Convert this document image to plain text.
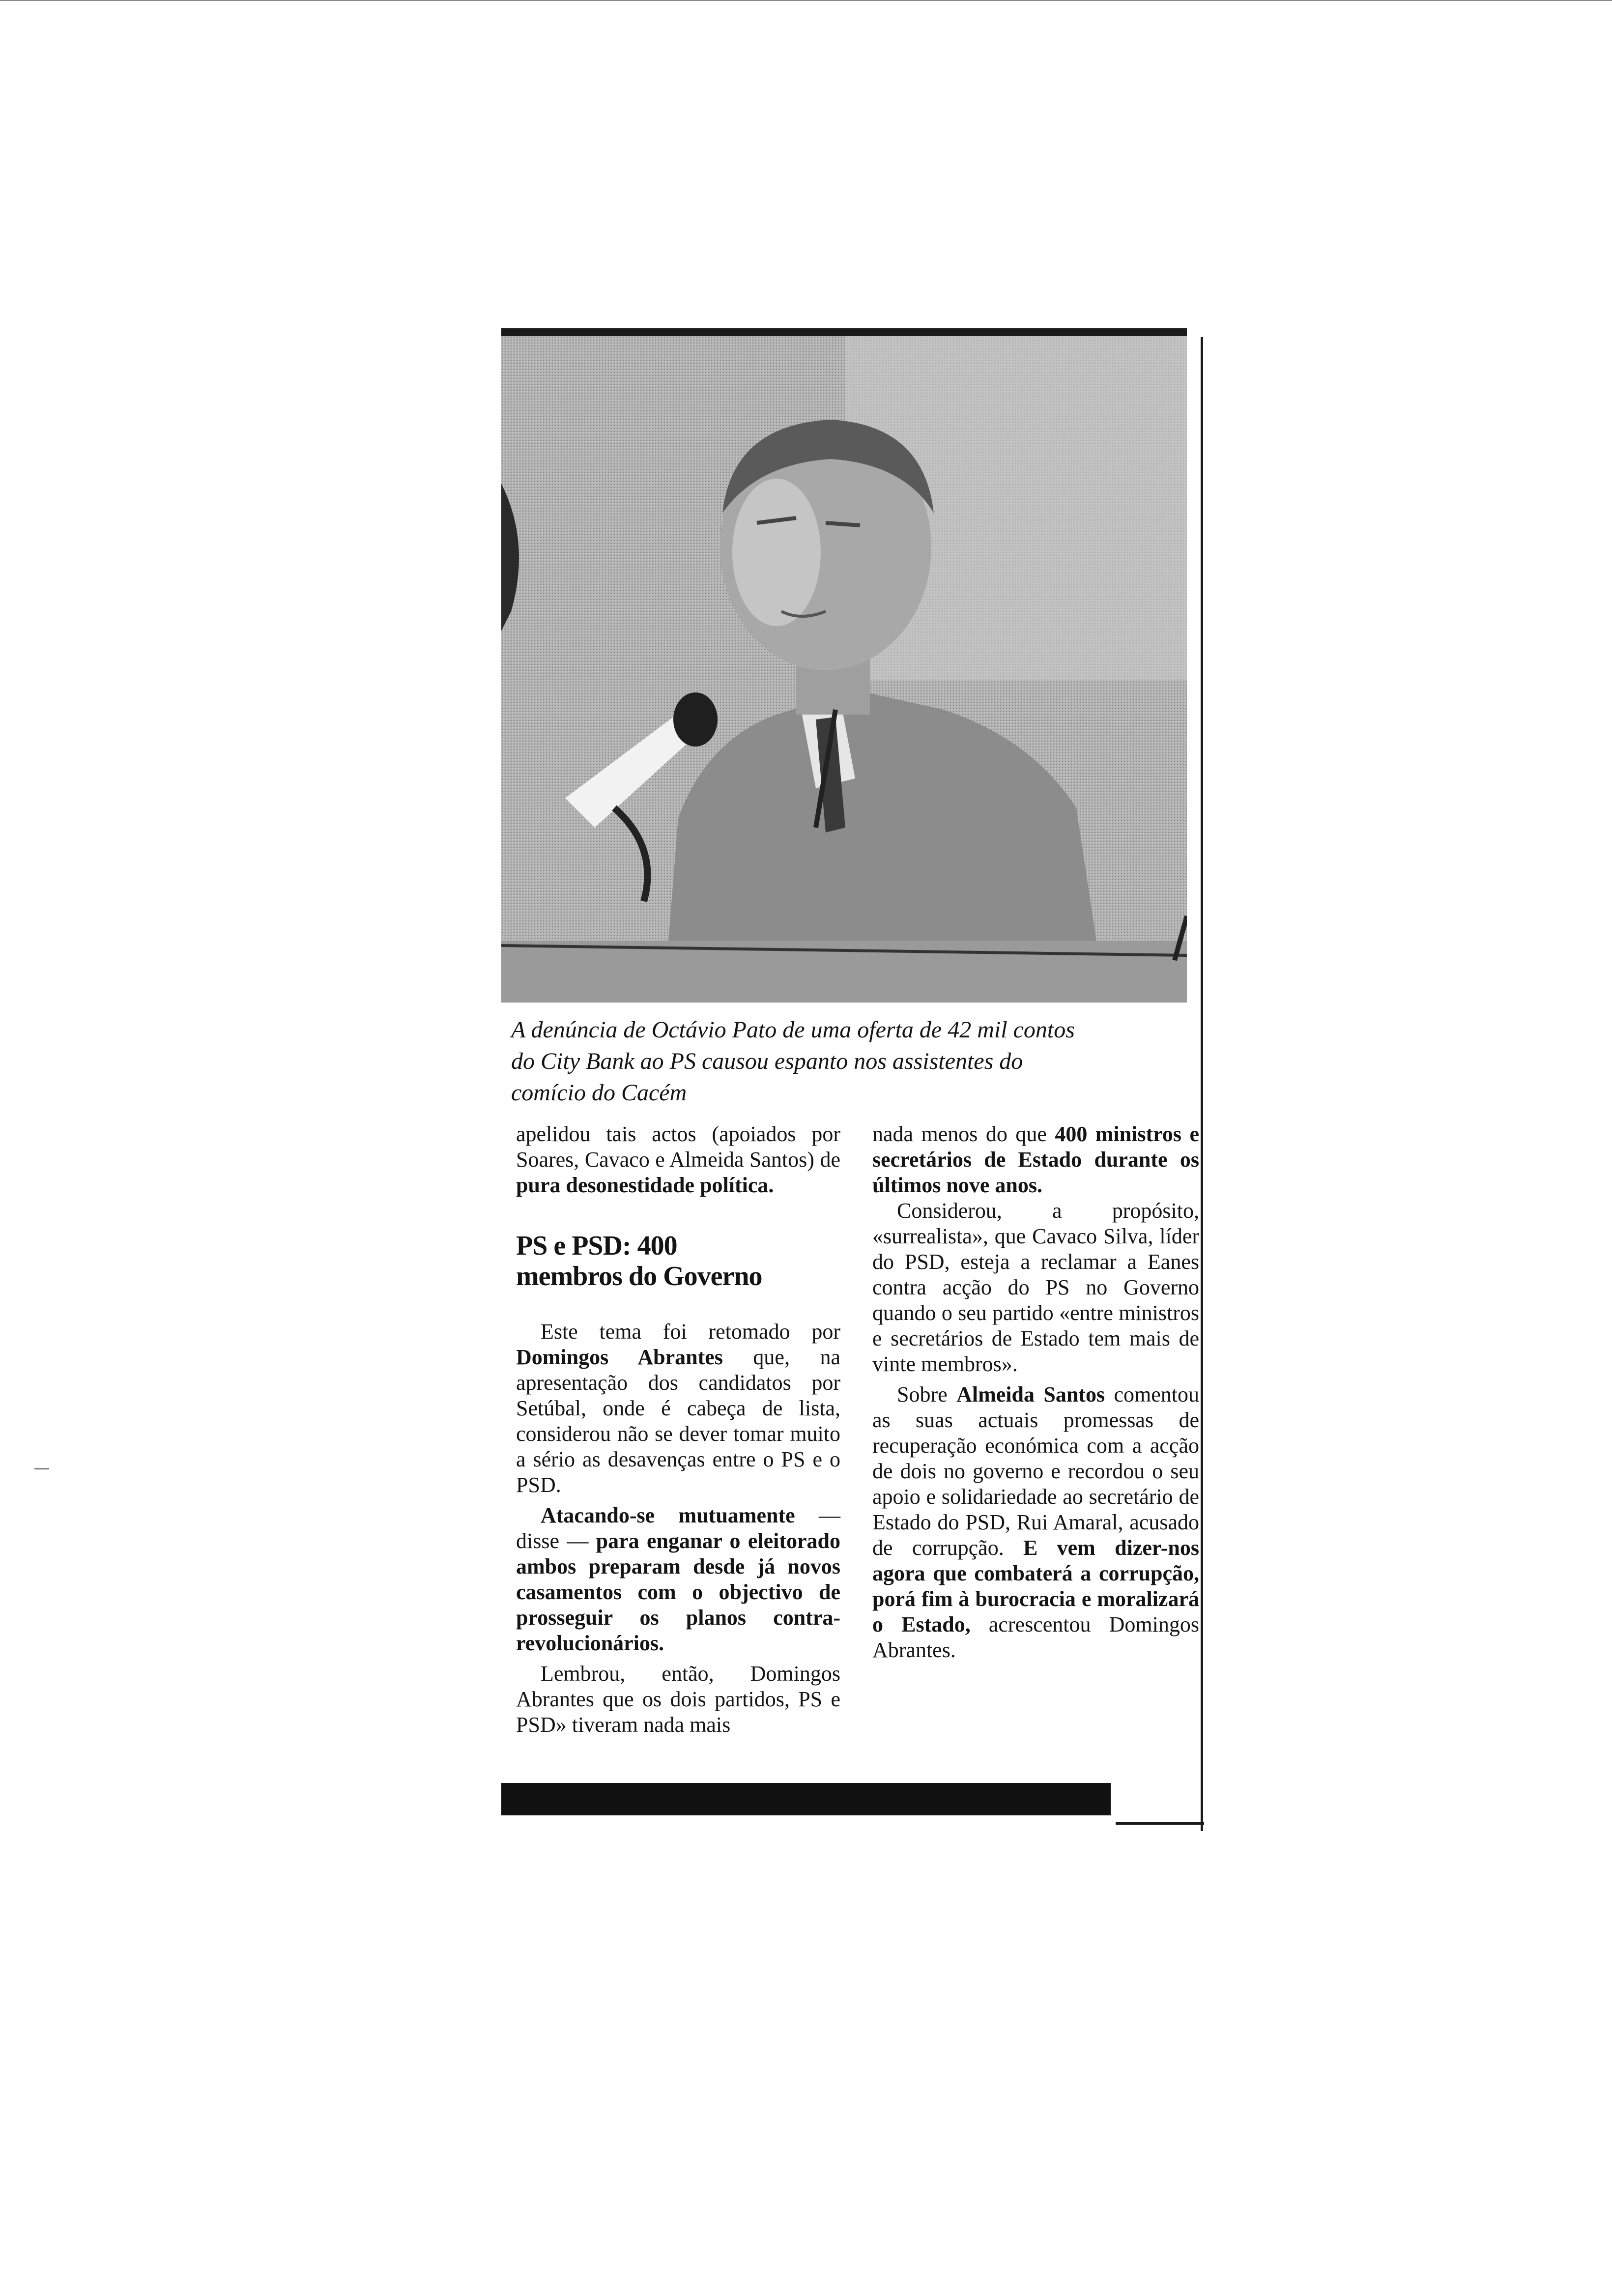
A denúncia de Octávio Pato de uma oferta de 42 mil contos
do City Bank ao PS causou espanto nos assistentes do
comício do Cacém

apelidou tais actos (apoiados por Soares, Cavaco e Almeida Santos) de pura desonestidade política.

PS e PSD: 400
membros do Governo

Este tema foi retomado por Domingos Abrantes que, na apresentação dos candidatos por Setúbal, onde é cabeça de lista, considerou não se dever tomar muito a sério as desavenças entre o PS e o PSD.

Atacando-se mutuamente — disse — para enganar o eleitorado ambos preparam desde já novos casamentos com o objectivo de prosseguir os planos contra-revolucionários.

Lembrou, então, Domingos Abrantes que os dois partidos, PS e PSD» tiveram nada mais

nada menos do que 400 ministros e secretários de Estado durante os últimos nove anos.

Considerou, a propósito, «surrealista», que Cavaco Silva, líder do PSD, esteja a reclamar a Eanes contra acção do PS no Governo quando o seu partido «entre ministros e secretários de Estado tem mais de vinte membros».

Sobre Almeida Santos comentou as suas actuais promessas de recuperação económica com a acção de dois no governo e recordou o seu apoio e solidariedade ao secretário de Estado do PSD, Rui Amaral, acusado de corrupção. E vem dizer-nos agora que combaterá a corrupção, porá fim à burocracia e moralizará o Estado, acrescentou Domingos Abrantes.
